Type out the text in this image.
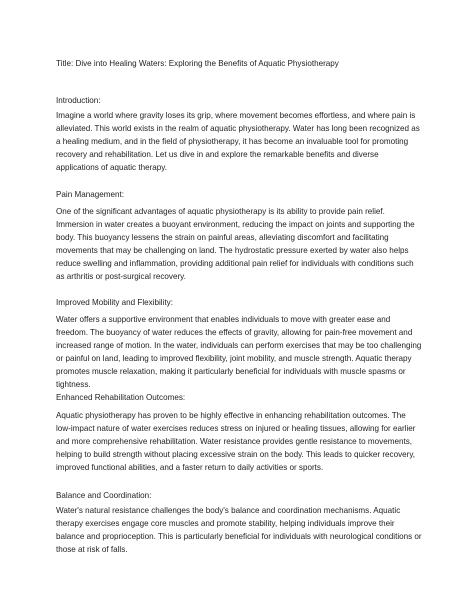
Title: Dive into Healing Waters: Exploring the Benefits of Aquatic Physiotherapy

Introduction:

Imagine a world where gravity loses its grip, where movement becomes effortless, and where pain is alleviated. This world exists in the realm of aquatic physiotherapy. Water has long been recognized as a healing medium, and in the field of physiotherapy, it has become an invaluable tool for promoting recovery and rehabilitation. Let us dive in and explore the remarkable benefits and diverse applications of aquatic therapy.

Pain Management:

One of the significant advantages of aquatic physiotherapy is its ability to provide pain relief. Immersion in water creates a buoyant environment, reducing the impact on joints and supporting the body. This buoyancy lessens the strain on painful areas, alleviating discomfort and facilitating movements that may be challenging on land. The hydrostatic pressure exerted by water also helps reduce swelling and inflammation, providing additional pain relief for individuals with conditions such as arthritis or post-surgical recovery.

Improved Mobility and Flexibility:

Water offers a supportive environment that enables individuals to move with greater ease and freedom. The buoyancy of water reduces the effects of gravity, allowing for pain-free movement and increased range of motion. In the water, individuals can perform exercises that may be too challenging or painful on land, leading to improved flexibility, joint mobility, and muscle strength. Aquatic therapy promotes muscle relaxation, making it particularly beneficial for individuals with muscle spasms or tightness.

Enhanced Rehabilitation Outcomes:

Aquatic physiotherapy has proven to be highly effective in enhancing rehabilitation outcomes. The low-impact nature of water exercises reduces stress on injured or healing tissues, allowing for earlier and more comprehensive rehabilitation. Water resistance provides gentle resistance to movements, helping to build strength without placing excessive strain on the body. This leads to quicker recovery, improved functional abilities, and a faster return to daily activities or sports.

Balance and Coordination:

Water's natural resistance challenges the body's balance and coordination mechanisms. Aquatic therapy exercises engage core muscles and promote stability, helping individuals improve their balance and proprioception. This is particularly beneficial for individuals with neurological conditions or those at risk of falls.
